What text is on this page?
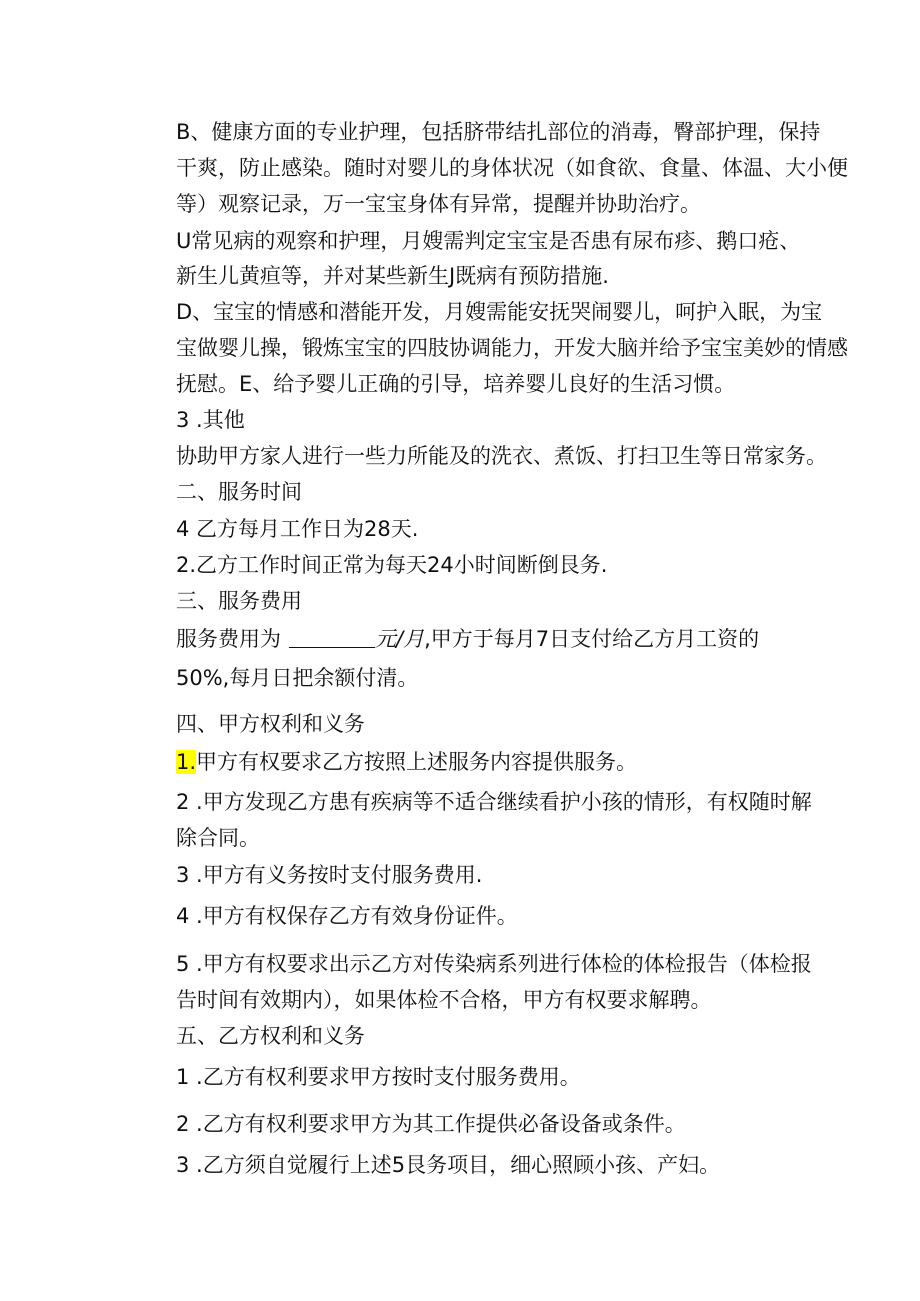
B、健康方面的专业护理，包括脐带结扎部位的消毒，臀部护理，保持
干爽，防止感染。随时对婴儿的身体状况（如食欲、食量、体温、大小便
等）观察记录，万一宝宝身体有异常，提醒并协助治疗。
U常见病的观察和护理，月嫂需判定宝宝是否患有尿布疹、鹅口疮、
新生儿黄疸等，并对某些新生J既病有预防措施.
D、宝宝的情感和潜能开发，月嫂需能安抚哭闹婴儿，呵护入眠，为宝
宝做婴儿操，锻炼宝宝的四肢协调能力，开发大脑并给予宝宝美妙的情感
抚慰。E、给予婴儿正确的引导，培养婴儿良好的生活习惯。
3 .其他
协助甲方家人进行一些力所能及的洗衣、煮饭、打扫卫生等日常家务。
二、服务时间
4 乙方每月工作日为28天.
2.乙方工作时间正常为每天24小时间断倒艮务.
三、服务费用
服务费用为	元/月,甲方于每月7日支付给乙方月工资的
50%,每月日把余额付清。
四、甲方权利和义务
1.甲方有权要求乙方按照上述服务内容提供服务。
2 .甲方发现乙方患有疾病等不适合继续看护小孩的情形，有权随时解
除合同。
3 .甲方有义务按时支付服务费用.
4 .甲方有权保存乙方有效身份证件。
5 .甲方有权要求出示乙方对传染病系列进行体检的体检报告（体检报
告时间有效期内），如果体检不合格，甲方有权要求解聘。
五、乙方权利和义务
1 .乙方有权利要求甲方按时支付服务费用。
2 .乙方有权利要求甲方为其工作提供必备设备或条件。
3 .乙方须自觉履行上述5艮务项目，细心照顾小孩、产妇。
